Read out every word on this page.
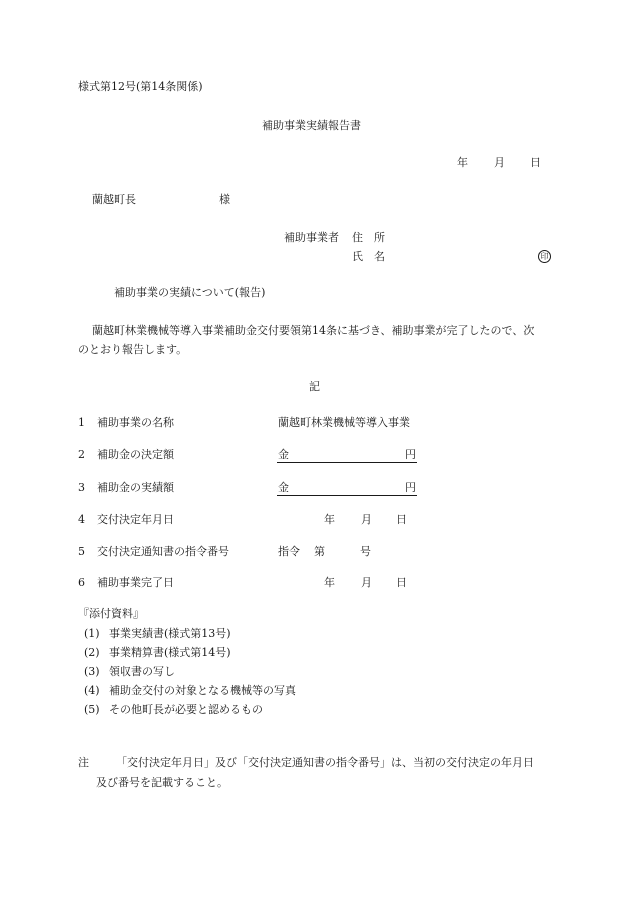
様式第12号(第14条関係)
補助事業実績報告書
年 月 日
蘭越町長	様
補助事業者 住　所
氏　名	印
補助事業の実績について(報告)
蘭越町林業機械等導入事業補助金交付要領第14条に基づき、補助事業が完了したので、次
のとおり報告します。
記
1 補助事業の名称	蘭越町林業機械等導入事業
2 補助金の決定額	金	円
3 補助金の実績額	金	円
4 交付決定年月日	年 月 日
5 交付決定通知書の指令番号	指令 第	号
6 補助事業完了日	年 月 日
『添付資料』
(1) 事業実績書(様式第13号)
(2) 事業精算書(様式第14号)
(3) 領収書の写し
(4) 補助金交付の対象となる機械等の写真
(5) その他町長が必要と認めるもの
注 「交付決定年月日」及び「交付決定通知書の指令番号」は、当初の交付決定の年月日
及び番号を記載すること。
